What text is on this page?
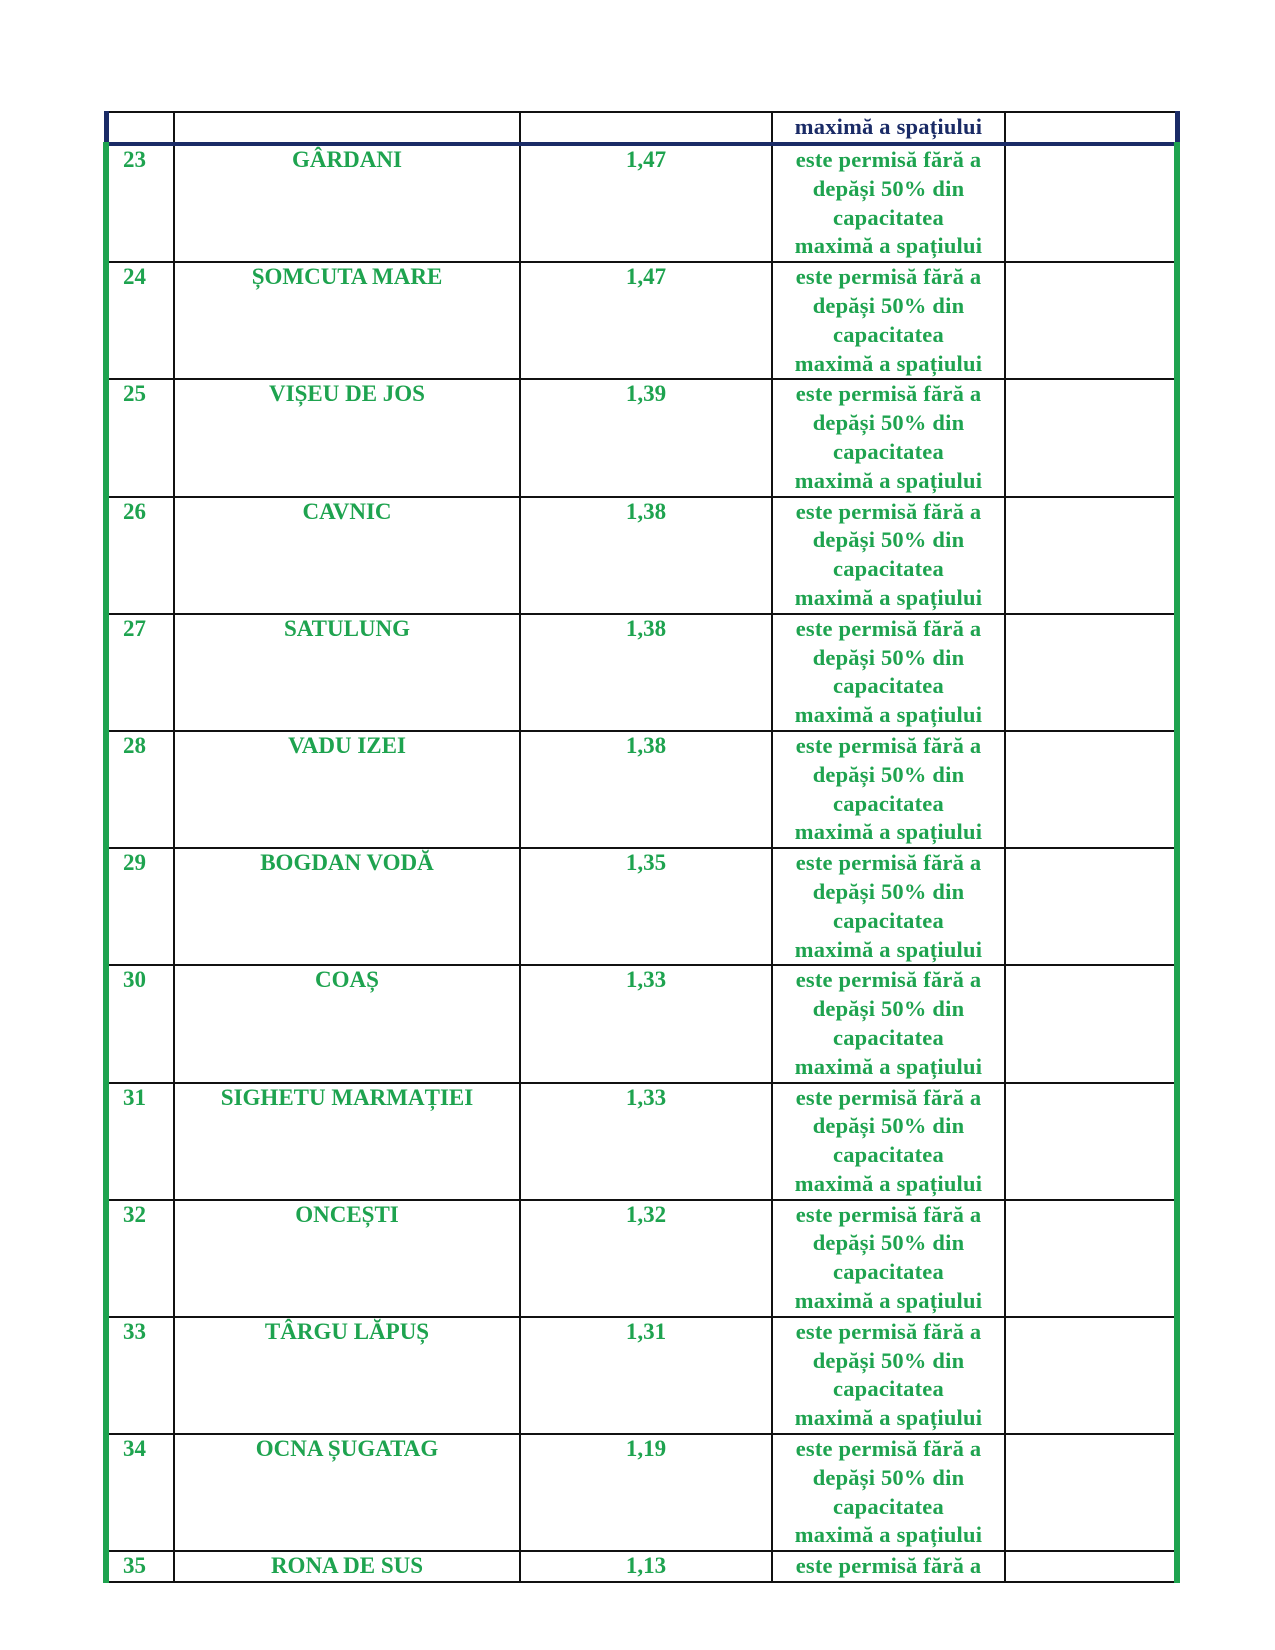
			maximă a spațiului	
23	GÂRDANI	1,47	este permisă fără a
depăși 50% din
capacitatea
maximă a spațiului	

24	ȘOMCUTA MARE	1,47	este permisă fără a
depăși 50% din
capacitatea
maximă a spațiului	

25	VIȘEU DE JOS	1,39	este permisă fără a
depăși 50% din
capacitatea
maximă a spațiului	

26	CAVNIC	1,38	este permisă fără a
depăși 50% din
capacitatea
maximă a spațiului	

27	SATULUNG	1,38	este permisă fără a
depăși 50% din
capacitatea
maximă a spațiului	

28	VADU IZEI	1,38	este permisă fără a
depăși 50% din
capacitatea
maximă a spațiului	

29	BOGDAN VODĂ	1,35	este permisă fără a
depăși 50% din
capacitatea
maximă a spațiului	

30	COAȘ	1,33	este permisă fără a
depăși 50% din
capacitatea
maximă a spațiului	

31	SIGHETU MARMAȚIEI	1,33	este permisă fără a
depăși 50% din
capacitatea
maximă a spațiului	

32	ONCEȘTI	1,32	este permisă fără a
depăși 50% din
capacitatea
maximă a spațiului	

33	TÂRGU LĂPUȘ	1,31	este permisă fără a
depăși 50% din
capacitatea
maximă a spațiului	

34	OCNA ȘUGATAG	1,19	este permisă fără a
depăși 50% din
capacitatea
maximă a spațiului	

35	RONA DE SUS	1,13	este permisă fără a	
